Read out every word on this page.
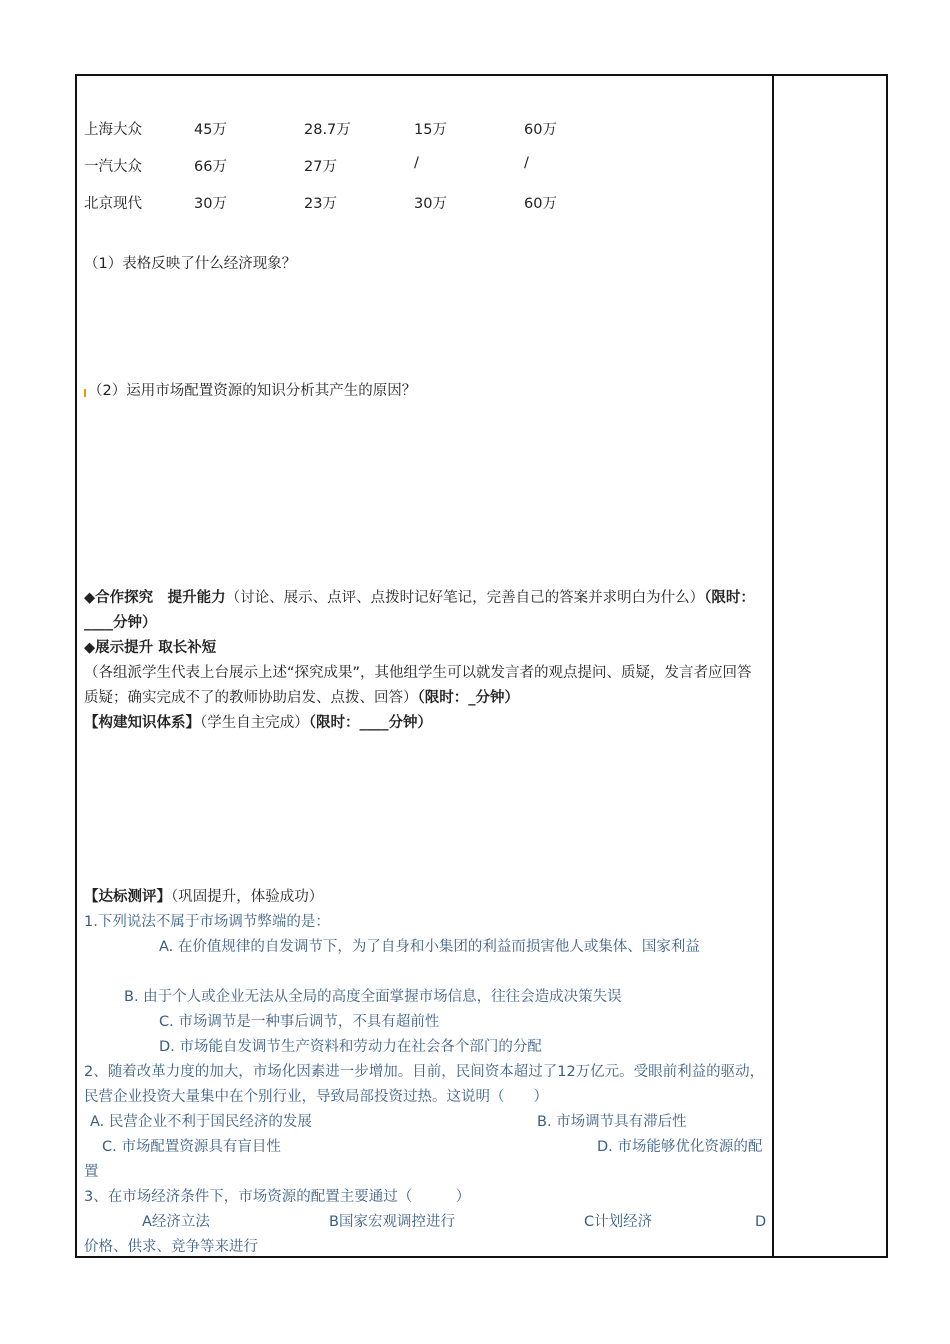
上海大众	45万	28.7万	15万	60万
一汽大众	66万	27万	/	/
北京现代	30万	23万	30万	60万
（1）表格反映了什么经济现象？
（2）运用市场配置资源的知识分析其产生的原因？
◆合作探究　提升能力（讨论、展示、点评、点拨时记好笔记，完善自己的答案并求明白为什么）（限时：____分钟）
◆展示提升 取长补短
（各组派学生代表上台展示上述“探究成果”，其他组学生可以就发言者的观点提问、质疑，发言者应回答质疑；确实完成不了的教师协助启发、点拨、回答）（限时：_分钟）
【构建知识体系】（学生自主完成）（限时：____分钟）
【达标测评】（巩固提升，体验成功）
1.下列说法不属于市场调节弊端的是：
A. 在价值规律的自发调节下，为了自身和小集团的利益而损害他人或集体、国家利益
B. 由于个人或企业无法从全局的高度全面掌握市场信息，往往会造成决策失误
C. 市场调节是一种事后调节，不具有超前性
D. 市场能自发调节生产资料和劳动力在社会各个部门的分配
2、随着改革力度的加大，市场化因素进一步增加。目前，民间资本超过了12万亿元。受眼前利益的驱动，民营企业投资大量集中在个别行业，导致局部投资过热。这说明（　　）
A. 民营企业不利于国民经济的发展	B. 市场调节具有滞后性
C. 市场配置资源具有盲目性	D. 市场能够优化资源的配置
3、在市场经济条件下，市场资源的配置主要通过（　　　）
A经济立法	B国家宏观调控进行	C计划经济	D价格、供求、竞争等来进行
